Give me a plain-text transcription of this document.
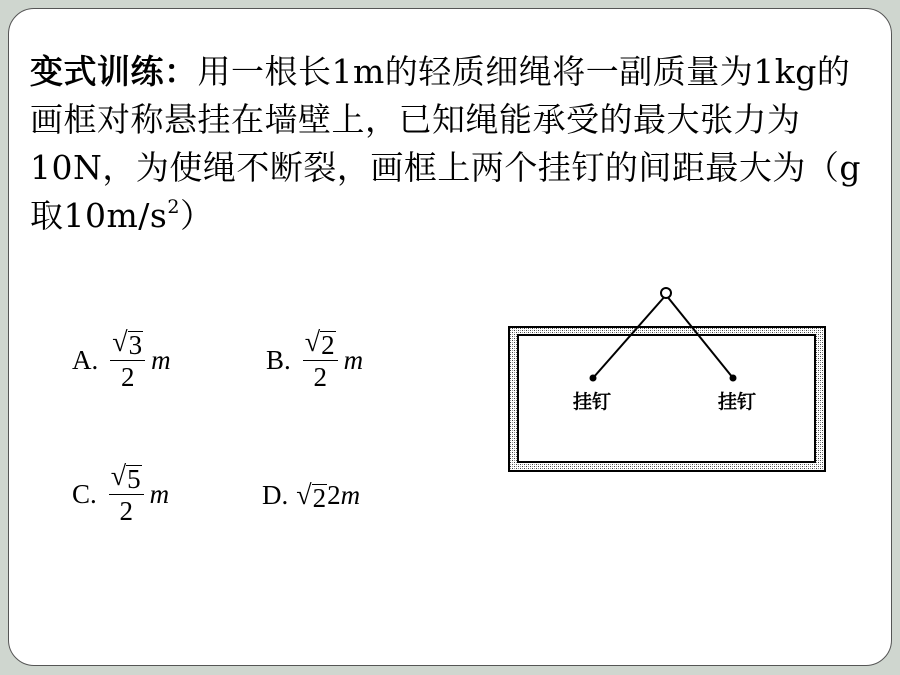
变式训练：用一根长1m的轻质细绳将一副质量为1kg的画框对称悬挂在墙壁上，已知绳能承受的最大张力为10N，为使绳不断裂，画框上两个挂钉的间距最大为（g取$10m/s^2$）
A. $\frac{√ 3}{2}$ m	B. $\frac{√ 2}{2}$ m
C. $\frac{√ 5}{2}$ m	D. √ 2 2 m
挂钉	挂钉
